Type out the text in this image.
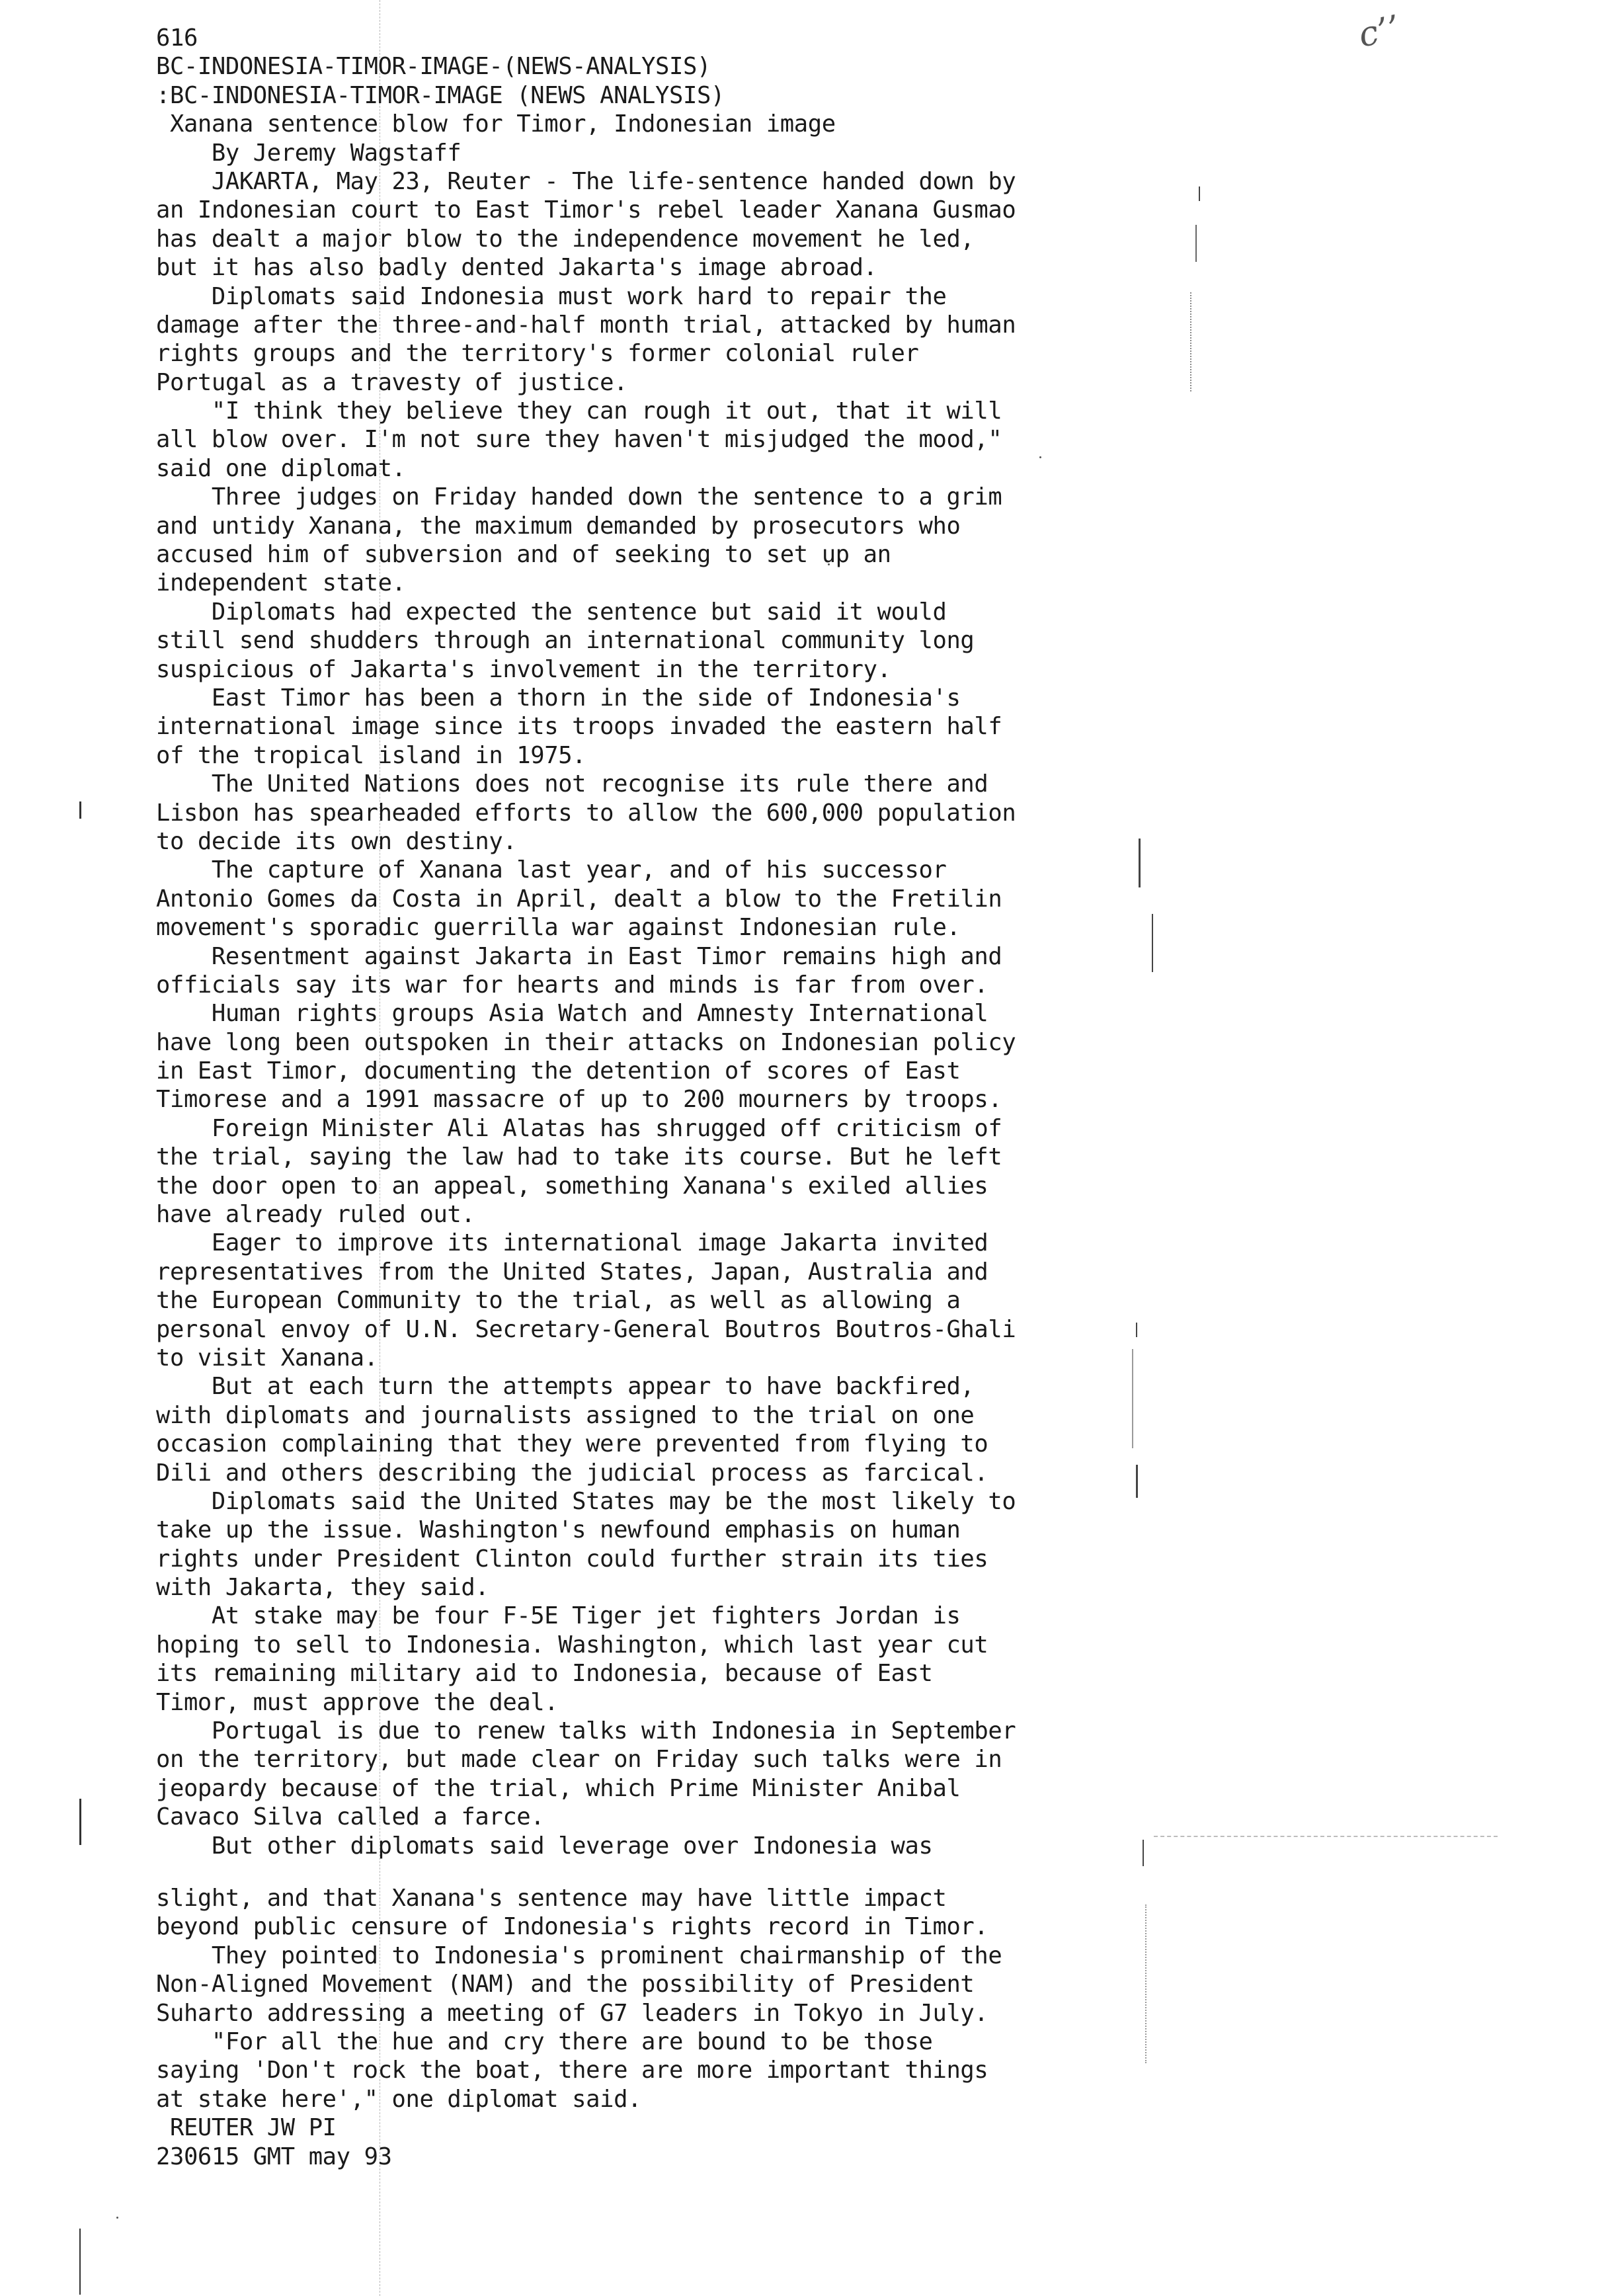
c’’
616
BC-INDONESIA-TIMOR-IMAGE-(NEWS-ANALYSIS)
:BC-INDONESIA-TIMOR-IMAGE (NEWS ANALYSIS)
Xanana sentence blow for Timor, Indonesian image
By Jeremy Wagstaff
JAKARTA, May 23, Reuter - The life-sentence handed down by
an Indonesian court to East Timor's rebel leader Xanana Gusmao
has dealt a major blow to the independence movement he led,
but it has also badly dented Jakarta's image abroad.
Diplomats said Indonesia must work hard to repair the
damage after the three-and-half month trial, attacked by human
rights groups and the territory's former colonial ruler
Portugal as a travesty of justice.
"I think they believe they can rough it out, that it will
all blow over. I'm not sure they haven't misjudged the mood,"
said one diplomat.
Three judges on Friday handed down the sentence to a grim
and untidy Xanana, the maximum demanded by prosecutors who
accused him of subversion and of seeking to set up an
independent state.
Diplomats had expected the sentence but said it would
still send shudders through an international community long
suspicious of Jakarta's involvement in the territory.
East Timor has been a thorn in the side of Indonesia's
international image since its troops invaded the eastern half
of the tropical island in 1975.
The United Nations does not recognise its rule there and
Lisbon has spearheaded efforts to allow the 600,000 population
to decide its own destiny.
The capture of Xanana last year, and of his successor
Antonio Gomes da Costa in April, dealt a blow to the Fretilin
movement's sporadic guerrilla war against Indonesian rule.
Resentment against Jakarta in East Timor remains high and
officials say its war for hearts and minds is far from over.
Human rights groups Asia Watch and Amnesty International
have long been outspoken in their attacks on Indonesian policy
in East Timor, documenting the detention of scores of East
Timorese and a 1991 massacre of up to 200 mourners by troops.
Foreign Minister Ali Alatas has shrugged off criticism of
the trial, saying the law had to take its course. But he left
the door open to an appeal, something Xanana's exiled allies
have already ruled out.
Eager to improve its international image Jakarta invited
representatives from the United States, Japan, Australia and
the European Community to the trial, as well as allowing a
personal envoy of U.N. Secretary-General Boutros Boutros-Ghali
to visit Xanana.
But at each turn the attempts appear to have backfired,
with diplomats and journalists assigned to the trial on one
occasion complaining that they were prevented from flying to
Dili and others describing the judicial process as farcical.
Diplomats said the United States may be the most likely to
take up the issue. Washington's newfound emphasis on human
rights under President Clinton could further strain its ties
with Jakarta, they said.
At stake may be four F-5E Tiger jet fighters Jordan is
hoping to sell to Indonesia. Washington, which last year cut
its remaining military aid to Indonesia, because of East
Timor, must approve the deal.
Portugal is due to renew talks with Indonesia in September
on the territory, but made clear on Friday such talks were in
jeopardy because of the trial, which Prime Minister Anibal
Cavaco Silva called a farce.
But other diplomats said leverage over Indonesia was
slight, and that Xanana's sentence may have little impact
beyond public censure of Indonesia's rights record in Timor.
They pointed to Indonesia's prominent chairmanship of the
Non-Aligned Movement (NAM) and the possibility of President
Suharto addressing a meeting of G7 leaders in Tokyo in July.
"For all the hue and cry there are bound to be those
saying 'Don't rock the boat, there are more important things
at stake here'," one diplomat said.
REUTER JW PI
230615 GMT may 93
